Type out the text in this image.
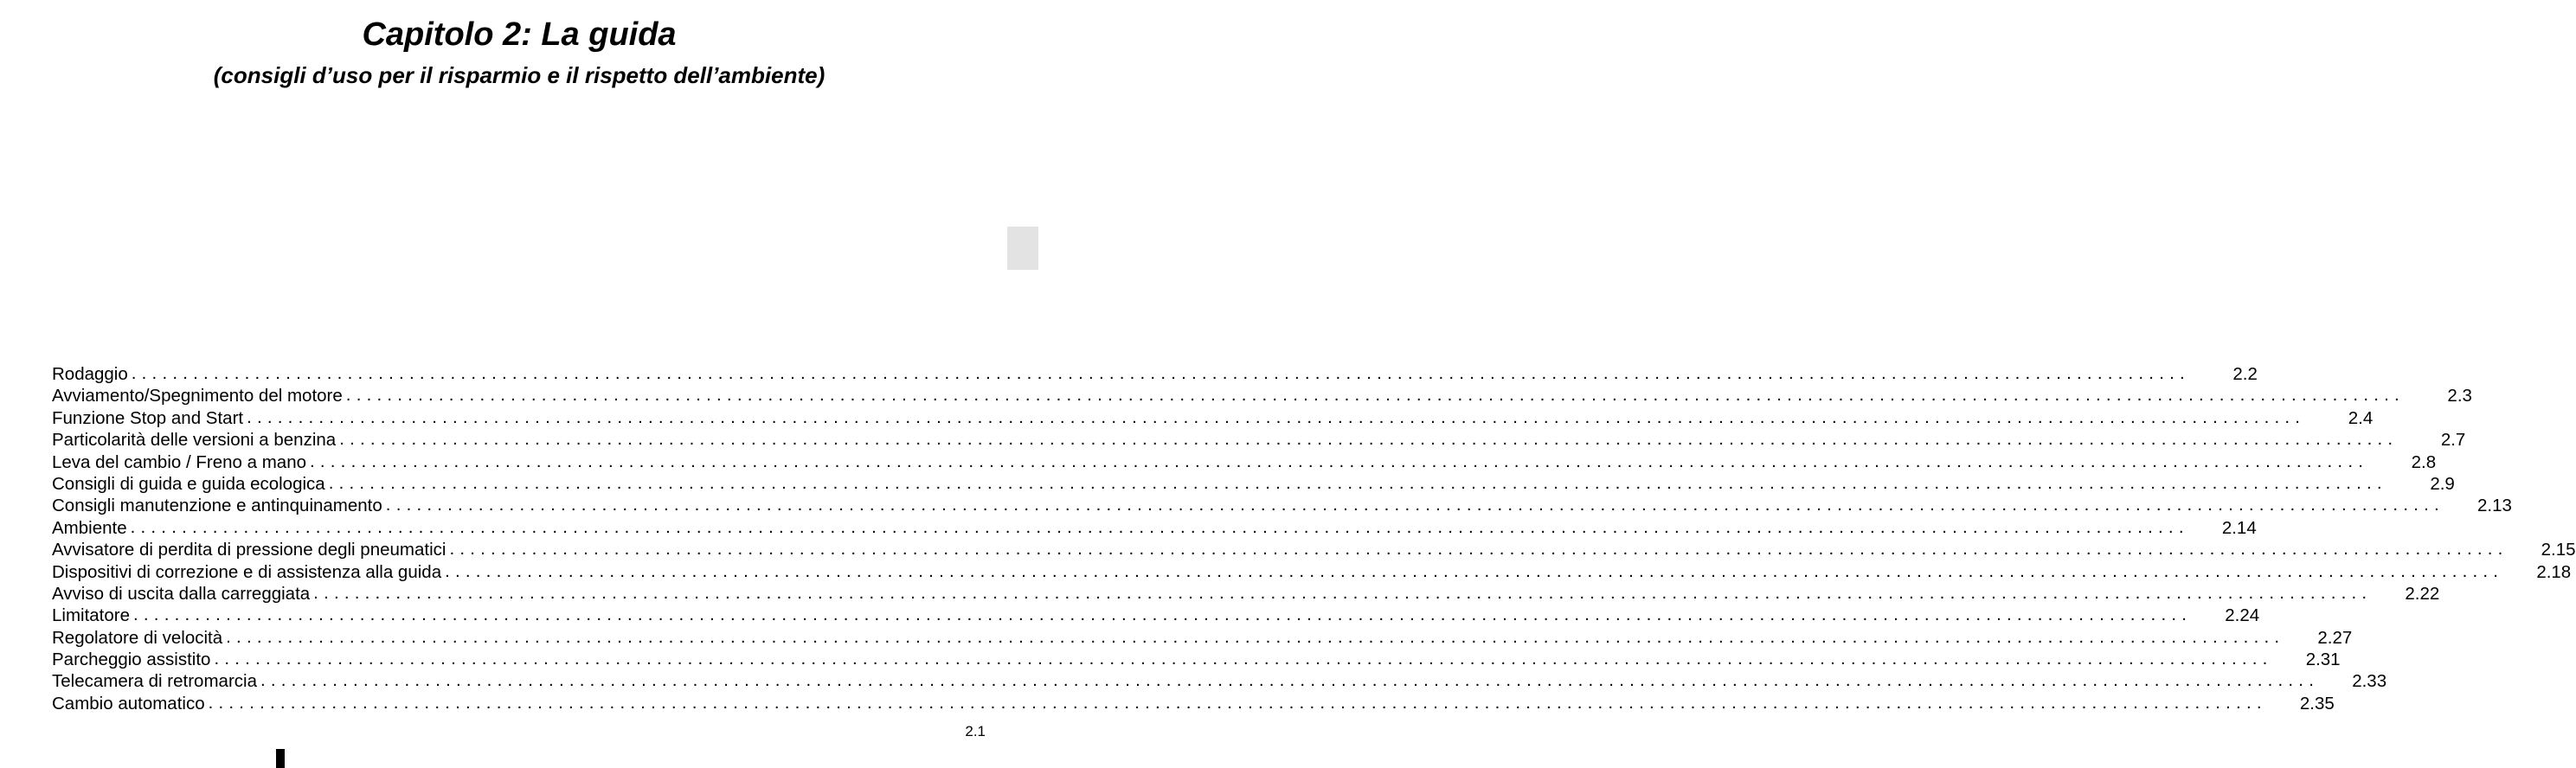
Capitolo 2: La guida
(consigli d’uso per il risparmio e il rispetto dell’ambiente)
Rodaggio ........................................................................................................................................................................................................	2.2
Avviamento/Spegnimento del motore ........................................................................................................................................................................................................	2.3
Funzione Stop and Start ........................................................................................................................................................................................................	2.4
Particolarità delle versioni a benzina ........................................................................................................................................................................................................	2.7
Leva del cambio / Freno a mano ........................................................................................................................................................................................................	2.8
Consigli di guida e guida ecologica ........................................................................................................................................................................................................	2.9
Consigli manutenzione e antinquinamento ........................................................................................................................................................................................................ 2.13
Ambiente ........................................................................................................................................................................................................ 2.14
Avvisatore di perdita di pressione degli pneumatici ........................................................................................................................................................................................................ 2.15
Dispositivi di correzione e di assistenza alla guida ........................................................................................................................................................................................................ 2.18
Avviso di uscita dalla carreggiata ........................................................................................................................................................................................................ 2.22
Limitatore ........................................................................................................................................................................................................ 2.24
Regolatore di velocità ........................................................................................................................................................................................................ 2.27
Parcheggio assistito ........................................................................................................................................................................................................ 2.31
Telecamera di retromarcia ........................................................................................................................................................................................................ 2.33
Cambio automatico ........................................................................................................................................................................................................ 2.35
2.1
